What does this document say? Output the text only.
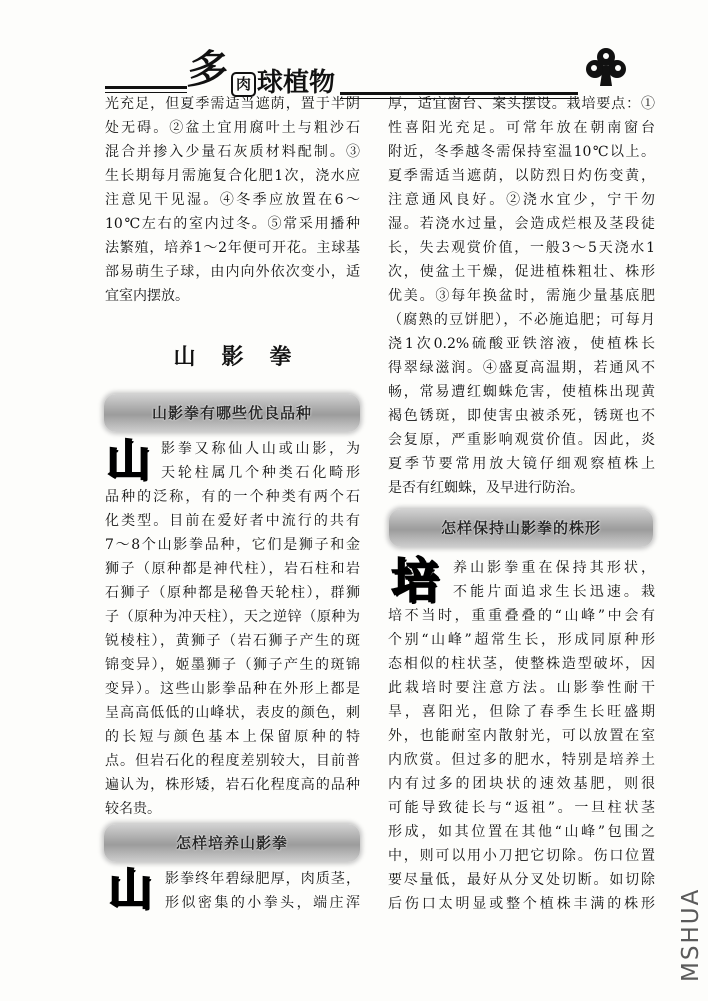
多 肉 球植物
光充足，但夏季需适当遮荫，置于半阴
处无碍。②盆土宜用腐叶土与粗沙石
混合并掺入少量石灰质材料配制。③
生长期每月需施复合化肥1次，浇水应
注意见干见湿。④冬季应放置在6～
10℃左右的室内过冬。⑤常采用播种
法繁殖，培养1～2年便可开花。主球基
部易萌生子球，由内向外依次变小，适
宜室内摆放。
山影拳
山影拳有哪些优良品种
山 影拳又称仙人山或山影，为
天轮柱属几个种类石化畸形
品种的泛称，有的一个种类有两个石
化类型。目前在爱好者中流行的共有
7～8个山影拳品种，它们是狮子和金
狮子（原种都是神代柱），岩石柱和岩
石狮子（原种都是秘鲁天轮柱），群狮
子（原种为冲天柱），天之逆锌（原种为
锐棱柱），黄狮子（岩石狮子产生的斑
锦变异），姬墨狮子（狮子产生的斑锦
变异）。这些山影拳品种在外形上都是
呈高高低低的山峰状，表皮的颜色，刺
的长短与颜色基本上保留原种的特
点。但岩石化的程度差别较大，目前普
遍认为，株形矮，岩石化程度高的品种
较名贵。
怎样培养山影拳
山 影拳终年碧绿肥厚，肉质茎，
形似密集的小拳头，端庄浑
厚，适宜窗台、案头摆设。栽培要点：①
性喜阳光充足。可常年放在朝南窗台
附近，冬季越冬需保持室温10℃以上。
夏季需适当遮荫，以防烈日灼伤变黄，
注意通风良好。②浇水宜少，宁干勿
湿。若浇水过量，会造成烂根及茎段徒
长，失去观赏价值，一般3～5天浇水1
次，使盆土干燥，促进植株粗壮、株形
优美。③每年换盆时，需施少量基底肥
（腐熟的豆饼肥），不必施追肥；可每月
浇1次0.2%硫酸亚铁溶液，使植株长
得翠绿滋润。④盛夏高温期，若通风不
畅，常易遭红蜘蛛危害，使植株出现黄
褐色锈斑，即使害虫被杀死，锈斑也不
会复原，严重影响观赏价值。因此，炎
夏季节要常用放大镜仔细观察植株上
是否有红蜘蛛，及早进行防治。
怎样保持山影拳的株形
培 养山影拳重在保持其形状，
不能片面追求生长迅速。栽
培不当时，重重叠叠的“山峰”中会有
个别“山峰”超常生长，形成同原种形
态相似的柱状茎，使整株造型破坏，因
此栽培时要注意方法。山影拳性耐干
旱，喜阳光，但除了春季生长旺盛期
外，也能耐室内散射光，可以放置在室
内欣赏。但过多的肥水，特别是培养土
内有过多的团块状的速效基肥，则很
可能导致徒长与“返祖”。一旦柱状茎
形成，如其位置在其他“山峰”包围之
中，则可以用小刀把它切除。伤口位置
要尽量低，最好从分叉处切断。如切除
后伤口太明显或整个植株丰满的株形 MSHUA
